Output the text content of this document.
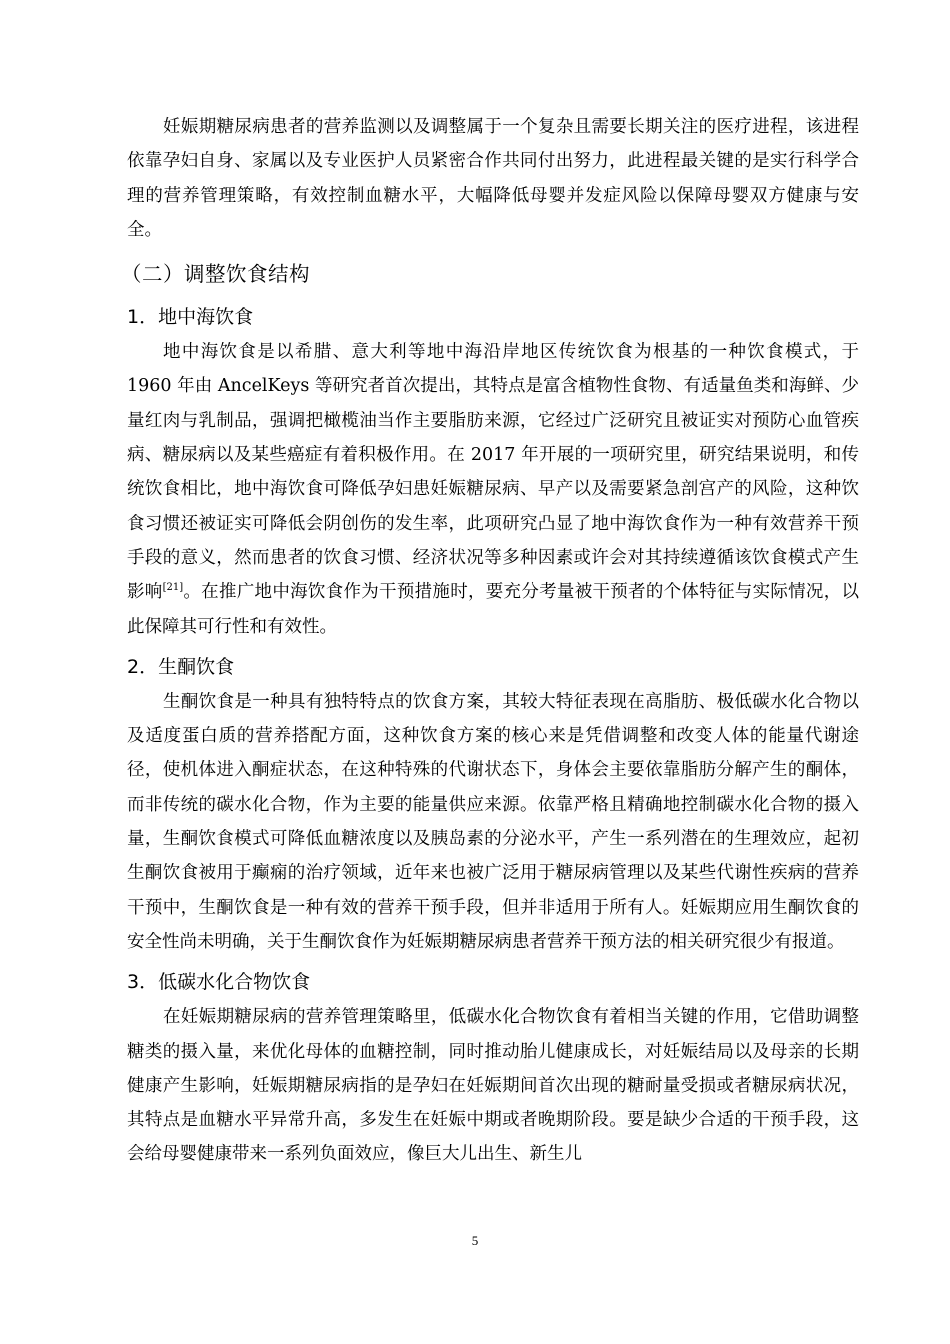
妊娠期糖尿病患者的营养监测以及调整属于一个复杂且需要长期关注的医疗进程，该进程依靠孕妇自身、家属以及专业医护人员紧密合作共同付出努力，此进程最关键的是实行科学合理的营养管理策略，有效控制血糖水平，大幅降低母婴并发症风险以保障母婴双方健康与安全。

（二）调整饮食结构
1．地中海饮食

地中海饮食是以希腊、意大利等地中海沿岸地区传统饮食为根基的一种饮食模式，于 1960 年由 AncelKeys 等研究者首次提出，其特点是富含植物性食物、有适量鱼类和海鲜、少量红肉与乳制品，强调把橄榄油当作主要脂肪来源，它经过广泛研究且被证实对预防心血管疾病、糖尿病以及某些癌症有着积极作用。在 2017 年开展的一项研究里，研究结果说明，和传统饮食相比，地中海饮食可降低孕妇患妊娠糖尿病、早产以及需要紧急剖宫产的风险，这种饮食习惯还被证实可降低会阴创伤的发生率，此项研究凸显了地中海饮食作为一种有效营养干预手段的意义，然而患者的饮食习惯、经济状况等多种因素或许会对其持续遵循该饮食模式产生影响[21]。在推广地中海饮食作为干预措施时，要充分考量被干预者的个体特征与实际情况，以此保障其可行性和有效性。

2．生酮饮食

生酮饮食是一种具有独特特点的饮食方案，其较大特征表现在高脂肪、极低碳水化合物以及适度蛋白质的营养搭配方面，这种饮食方案的核心来是凭借调整和改变人体的能量代谢途径，使机体进入酮症状态，在这种特殊的代谢状态下，身体会主要依靠脂肪分解产生的酮体，而非传统的碳水化合物，作为主要的能量供应来源。依靠严格且精确地控制碳水化合物的摄入量，生酮饮食模式可降低血糖浓度以及胰岛素的分泌水平，产生一系列潜在的生理效应，起初生酮饮食被用于癫痫的治疗领域，近年来也被广泛用于糖尿病管理以及某些代谢性疾病的营养干预中，生酮饮食是一种有效的营养干预手段，但并非适用于所有人。妊娠期应用生酮饮食的安全性尚未明确，关于生酮饮食作为妊娠期糖尿病患者营养干预方法的相关研究很少有报道。

3．低碳水化合物饮食

在妊娠期糖尿病的营养管理策略里，低碳水化合物饮食有着相当关键的作用，它借助调整糖类的摄入量，来优化母体的血糖控制，同时推动胎儿健康成长，对妊娠结局以及母亲的长期健康产生影响，妊娠期糖尿病指的是孕妇在妊娠期间首次出现的糖耐量受损或者糖尿病状况，其特点是血糖水平异常升高，多发生在妊娠中期或者晚期阶段。要是缺少合适的干预手段，这会给母婴健康带来一系列负面效应，像巨大儿出生、新生儿

5
